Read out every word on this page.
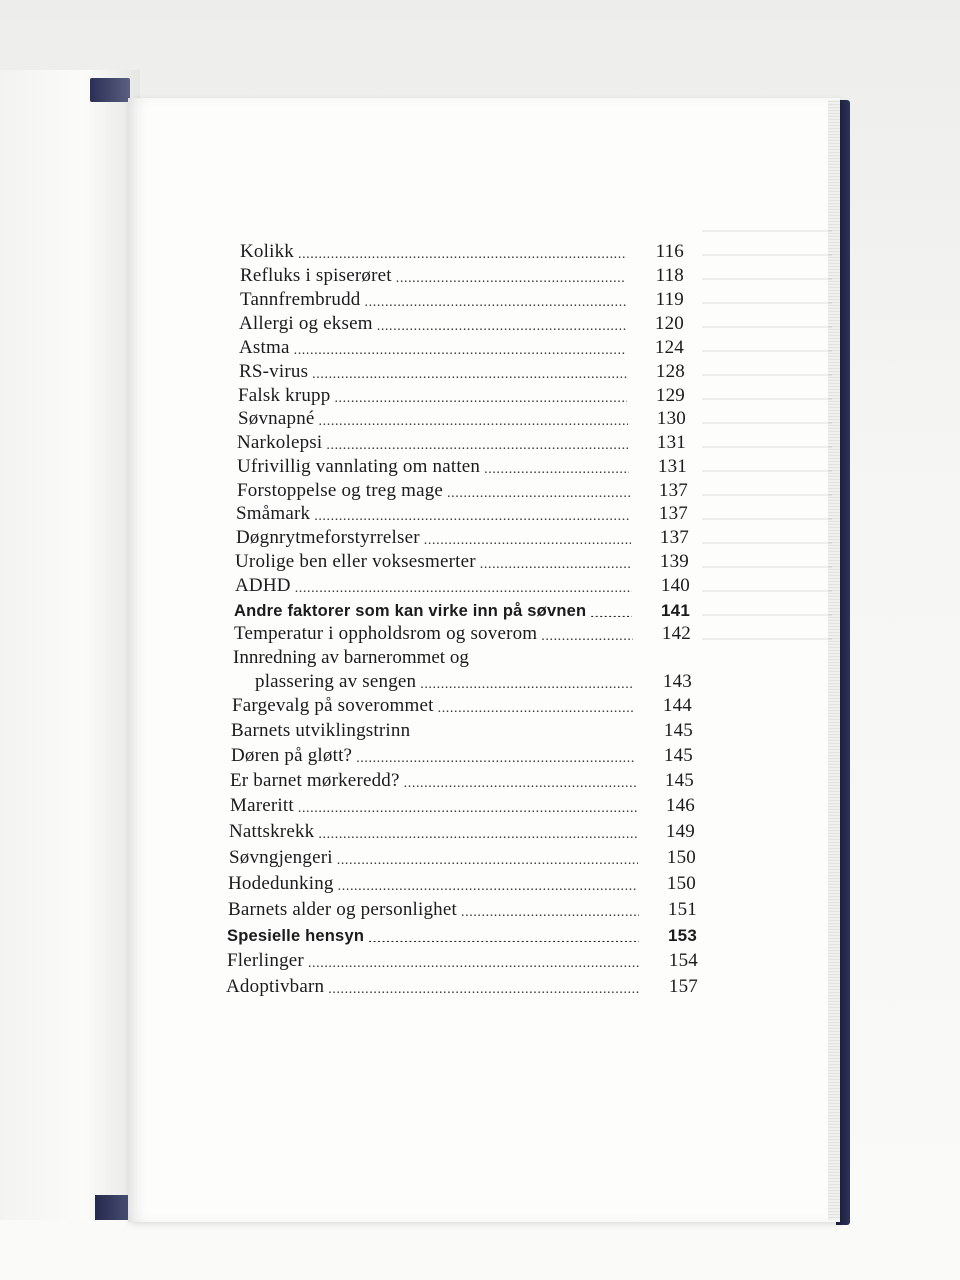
Kolikk .....	116
Refluks i spiserøret .....	118
Tannfrembrudd .....	119
Allergi og eksem .....	120
Astma .....	124
RS-virus .....	128
Falsk krupp .....	129
Søvnapné .....	130
Narkolepsi .....	131
Ufrivillig vannlating om natten .....	131
Forstoppelse og treg mage .....	137
Småmark .....	137
Døgnrytmeforstyrrelser .....	137
Urolige ben eller voksesmerter .....	139
ADHD .....	140
Andre faktorer som kan virke inn på søvnen .....	141
Temperatur i oppholdsrom og soverom .....	142
Innredning av barnerommet og
plassering av sengen .....	143
Fargevalg på soverommet .....	144
Barnets utviklingstrinn	145
Døren på gløtt? .....	145
Er barnet mørkeredd? .....	145
Mareritt .....	146
Nattskrekk .....	149
Søvngjengeri .....	150
Hodedunking .....	150
Barnets alder og personlighet .....	151
Spesielle hensyn .....	153
Flerlinger .....	154
Adoptivbarn .....	157
